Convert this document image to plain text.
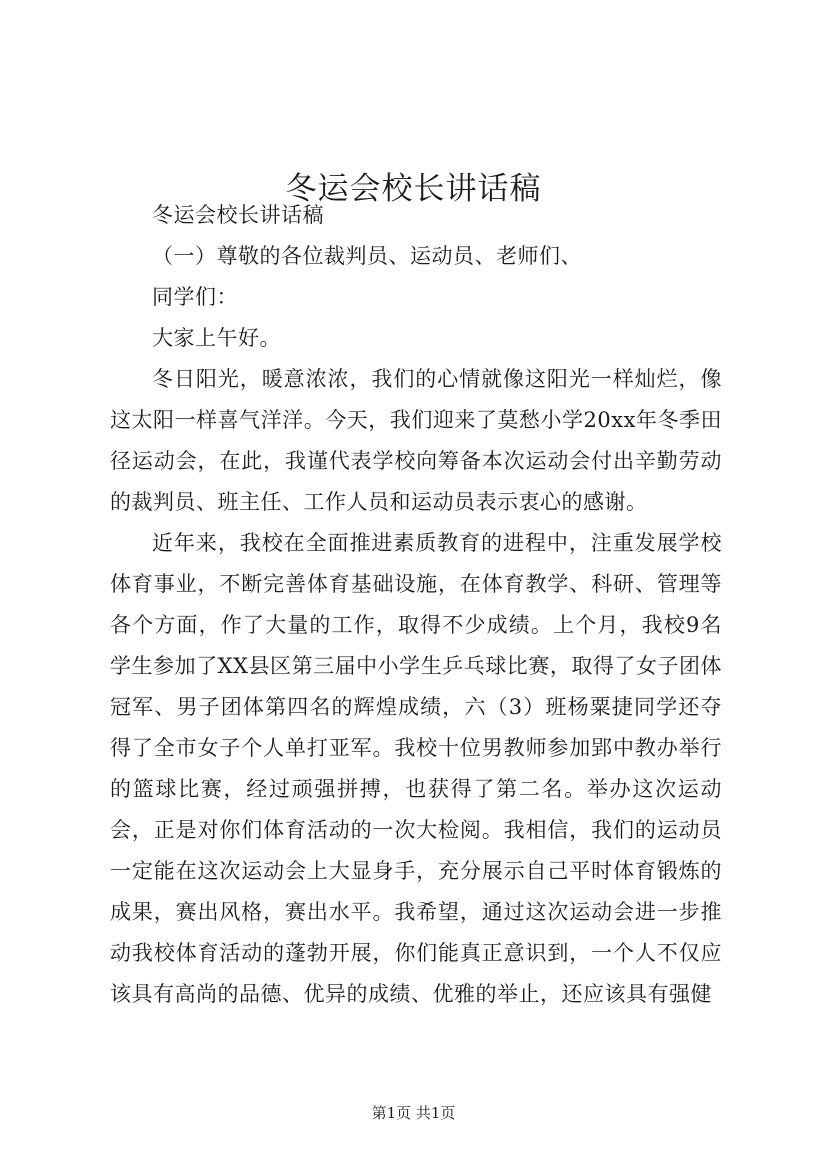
冬运会校长讲话稿

冬运会校长讲话稿

（一）尊敬的各位裁判员、运动员、老师们、

同学们：

大家上午好。

冬日阳光，暖意浓浓，我们的心情就像这阳光一样灿烂，像这太阳一样喜气洋洋。今天，我们迎来了莫愁小学20xx年冬季田径运动会，在此，我谨代表学校向筹备本次运动会付出辛勤劳动的裁判员、班主任、工作人员和运动员表示衷心的感谢。

近年来，我校在全面推进素质教育的进程中，注重发展学校体育事业，不断完善体育基础设施，在体育教学、科研、管理等各个方面，作了大量的工作，取得不少成绩。上个月，我校9名学生参加了XX县区第三届中小学生乒乓球比赛，取得了女子团体冠军、男子团体第四名的辉煌成绩，六（3）班杨粟捷同学还夺得了全市女子个人单打亚军。我校十位男教师参加郢中教办举行的篮球比赛，经过顽强拼搏，也获得了第二名。举办这次运动会，正是对你们体育活动的一次大检阅。我相信，我们的运动员一定能在这次运动会上大显身手，充分展示自己平时体育锻炼的成果，赛出风格，赛出水平。我希望，通过这次运动会进一步推动我校体育活动的蓬勃开展，你们能真正意识到，一个人不仅应该具有高尚的品德、优异的成绩、优雅的举止，还应该具有强健

第1页 共1页
